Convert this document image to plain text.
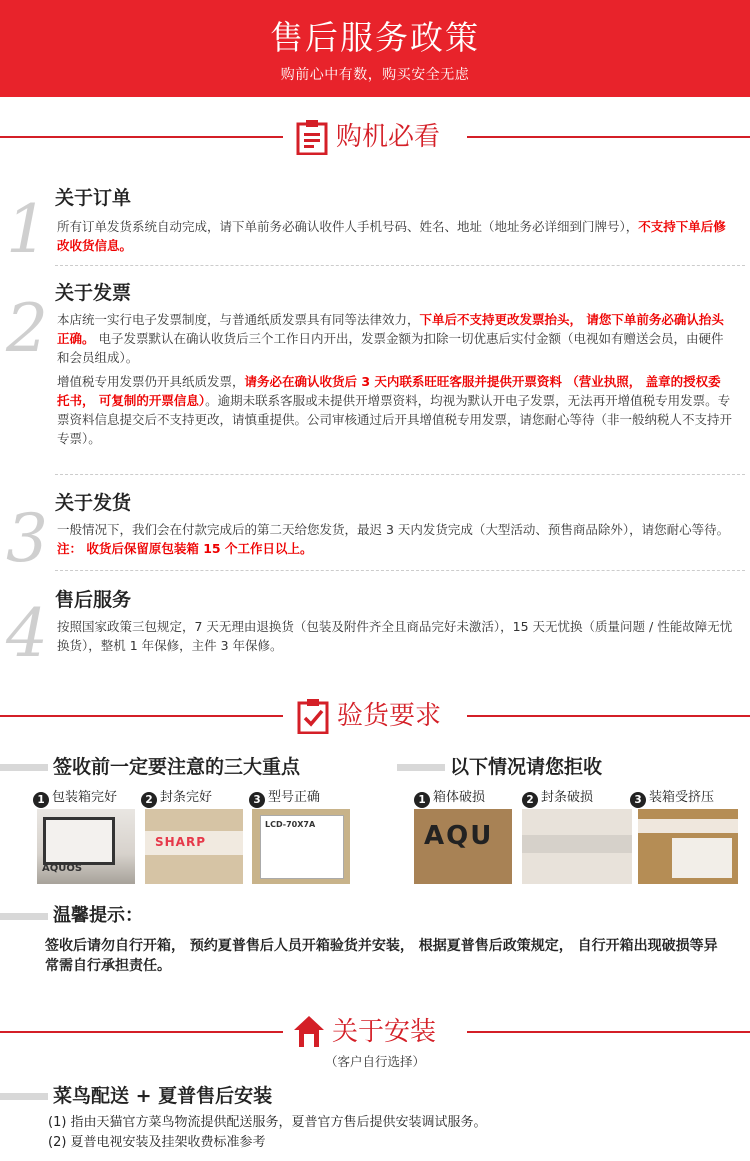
售后服务政策
购前心中有数，购买安全无虑
购机必看
1 关于订单

所有订单发货系统自动完成，请下单前务必确认收件人手机号码、姓名、地址（地址务必详细到门牌号），不支持下单后修改收货信息。

2 关于发票

本店统一实行电子发票制度，与普通纸质发票具有同等法律效力，下单后不支持更改发票抬头， 请您下单前务必确认抬头正确。 电子发票默认在确认收货后三个工作日内开出，发票金额为扣除一切优惠后实付金额（电视如有赠送会员，由硬件和会员组成）。

增值税专用发票仍开具纸质发票，请务必在确认收货后 3 天内联系旺旺客服并提供开票资料 （营业执照， 盖章的授权委托书， 可复制的开票信息）。逾期未联系客服或未提供开增票资料，均视为默认开电子发票，无法再开增值税专用发票。专票资料信息提交后不支持更改，请慎重提供。公司审核通过后开具增值税专用发票，请您耐心等待（非一般纳税人不支持开专票）。

3 关于发货

一般情况下，我们会在付款完成后的第二天给您发货，最迟 3 天内发货完成（大型活动、预售商品除外），请您耐心等待。注： 收货后保留原包装箱 15 个工作日以上。

4 售后服务

按照国家政策三包规定，7 天无理由退换货（包装及附件齐全且商品完好未激活），15 天无忧换（质量问题 / 性能故障无忧换货），整机 1 年保修，主件 3 年保修。

验货要求
签收前一定要注意的三大重点	以下情况请您拒收
1 包装箱完好	2 封条完好	3 型号正确	1 箱体破损	2 封条破损	3 装箱受挤压
AQUOS
SHARP
LCD-70X7A	AQU
温馨提示：
签收后请勿自行开箱， 预约夏普售后人员开箱验货并安装， 根据夏普售后政策规定， 自行开箱出现破损等异常需自行承担责任。
关于安装
（客户自行选择）
菜鸟配送 + 夏普售后安装
(1) 指由天猫官方菜鸟物流提供配送服务，夏普官方售后提供安装调试服务。
(2) 夏普电视安装及挂架收费标准参考
